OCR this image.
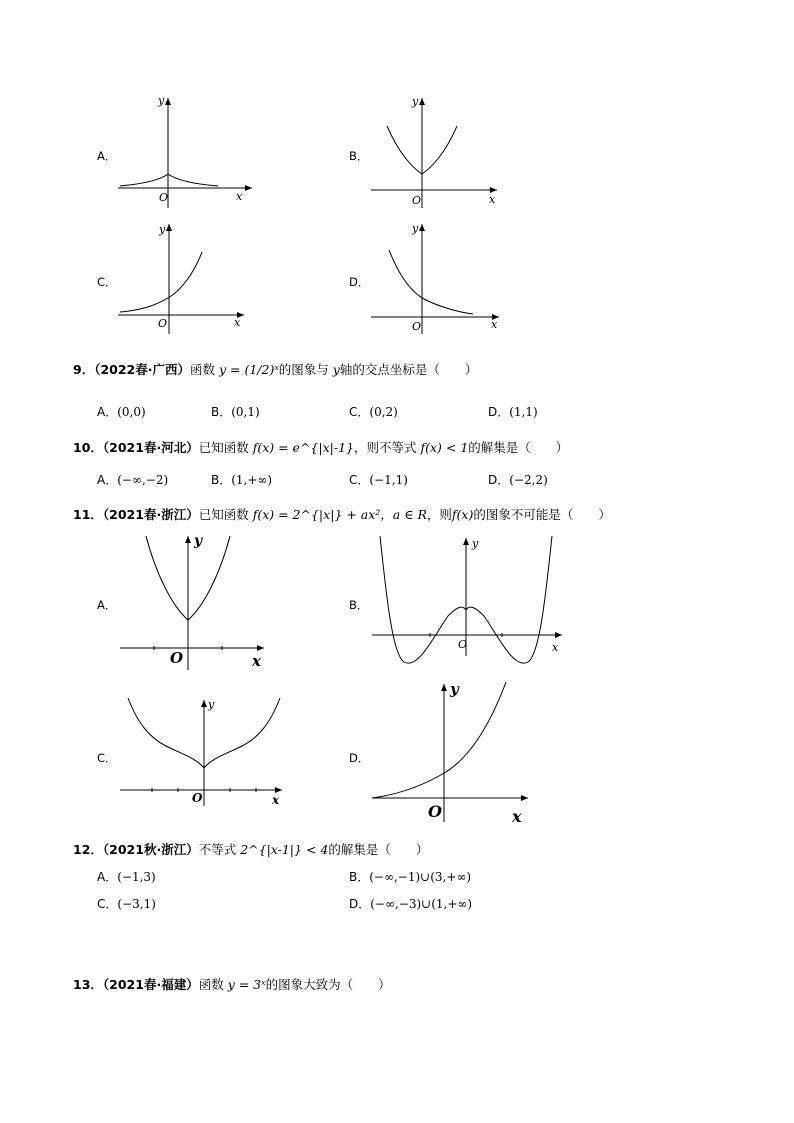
A．
y
x
O
B．
y
x
O
C．
y
x
O
D．
y
x
O
9．（2022春·广西）函数 y = (1/2)ˣ的图象与 y轴的交点坐标是（　　）
A．(0,0)	B．(0,1)	C．(0,2)	D．(1,1)
10．（2021春·河北）已知函数 f(x) = e^{|x|-1}，则不等式 f(x) < 1的解集是（　　）
A．(−∞,−2)	B．(1,+∞)	C．(−1,1)	D．(−2,2)
11．（2021春·浙江）已知函数 f(x) = 2^{|x|} + ax²，a ∈ R，则f(x)的图象不可能是（　　）
A．
y
x
O
B．
y
x
O
C．
y
x
O
D．
y
x
O
12．（2021秋·浙江）不等式 2^{|x-1|} < 4的解集是（　　）
A．(−1,3)	B．(−∞,−1)∪(3,+∞)
C．(−3,1)	D．(−∞,−3)∪(1,+∞)
13．（2021春·福建）函数 y = 3ˣ的图象大致为（　　）
